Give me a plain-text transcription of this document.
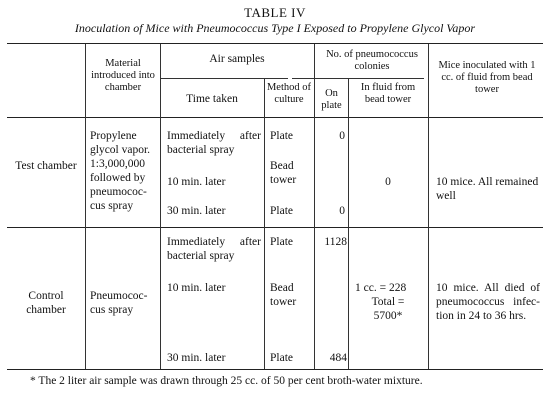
TABLE IV
Inoculation of Mice with Pneumococcus Type I Exposed to Propylene Glycol Vapor
Material introduced into chamber
Air samples
Time taken
Method of culture
No. of pneumococcus colonies
On plate
In fluid from bead tower
Mice inoculated with 1 cc. of fluid from bead tower
Test chamber
Propylene glycol vapor. 1:3,000,000 followed by pneumococcus spray
Immediately after bacterial spray
10 min. later
30 min. later
Plate
Bead tower
Plate
0
0
0	10 mice. All remained well
Control chamber
Pneumococcus spray
Immediately after bacterial spray
10 min. later
30 min. later
Plate
Bead tower
Plate
1128
484
1 cc. = 228
Total =
5700*
10 mice. All died of pneumococcus infection in 24 to 36 hrs.
* The 2 liter air sample was drawn through 25 cc. of 50 per cent broth-water mixture.
